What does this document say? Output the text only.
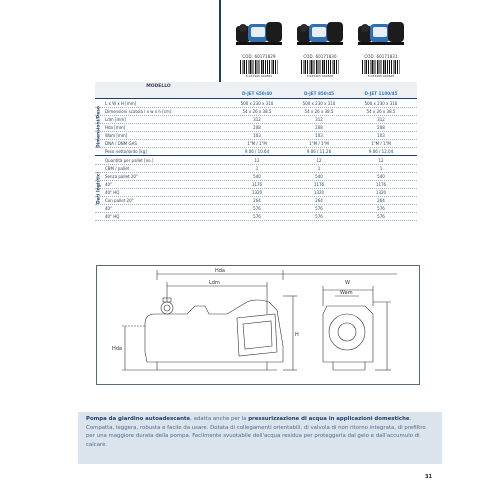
COD. 60171829
8 033405 000821
COD. 60171830
8 033405 000838
COD. 60171831
8 033405 000845
MODELLO
D-JET 650/40	D-JET 850/45	D-JET 1100/45
Dimensioni/Peso
L x W x H [mm]	500 x 230 x 310	500 x 230 x 310	500 x 230 x 310
Dimensioni scatola l x w x h [cm]	54 x 26 x 38.5	54 x 26 x 38.5	54 x 26 x 38.5
Ldm [mm]	312	312	312
Hda [mm]	208	208	208
Wam [mm]	103	103	103
DNA / DNM GAS	1"M / 1"M	1"M / 1"M	1"M / 1"M
Peso netto/lordo [kg]	9.06 / 10.64	9.06 / 11.26	9.06 / 12.04
Dati logistici
Quantità per pallet [no.]	12	12	12
CBM / pallet	1	1	1
Senza pallet 20"	540	540	540
40"	1176	1176	1176
40" HQ	1320	1320	1320
Con pallet 20"	264	264	264
40"	576	576	576
40" HQ	576	576	576
Hda
Ldm
Hda
H
Wam
W

Pompa da giardino autoadescante, adatta anche per la pressurizzazione di acqua in applicazioni domestiche. Compatta, leggera, robusta e facile da usare. Dotata di collegamenti orientabili, di valvola di non ritorno integrata, di prefiltro per una maggiore durata della pompa. Facilmente svuotabile dell'acqua residua per proteggerla dal gelo e dall'accumulo di calcare.

31
